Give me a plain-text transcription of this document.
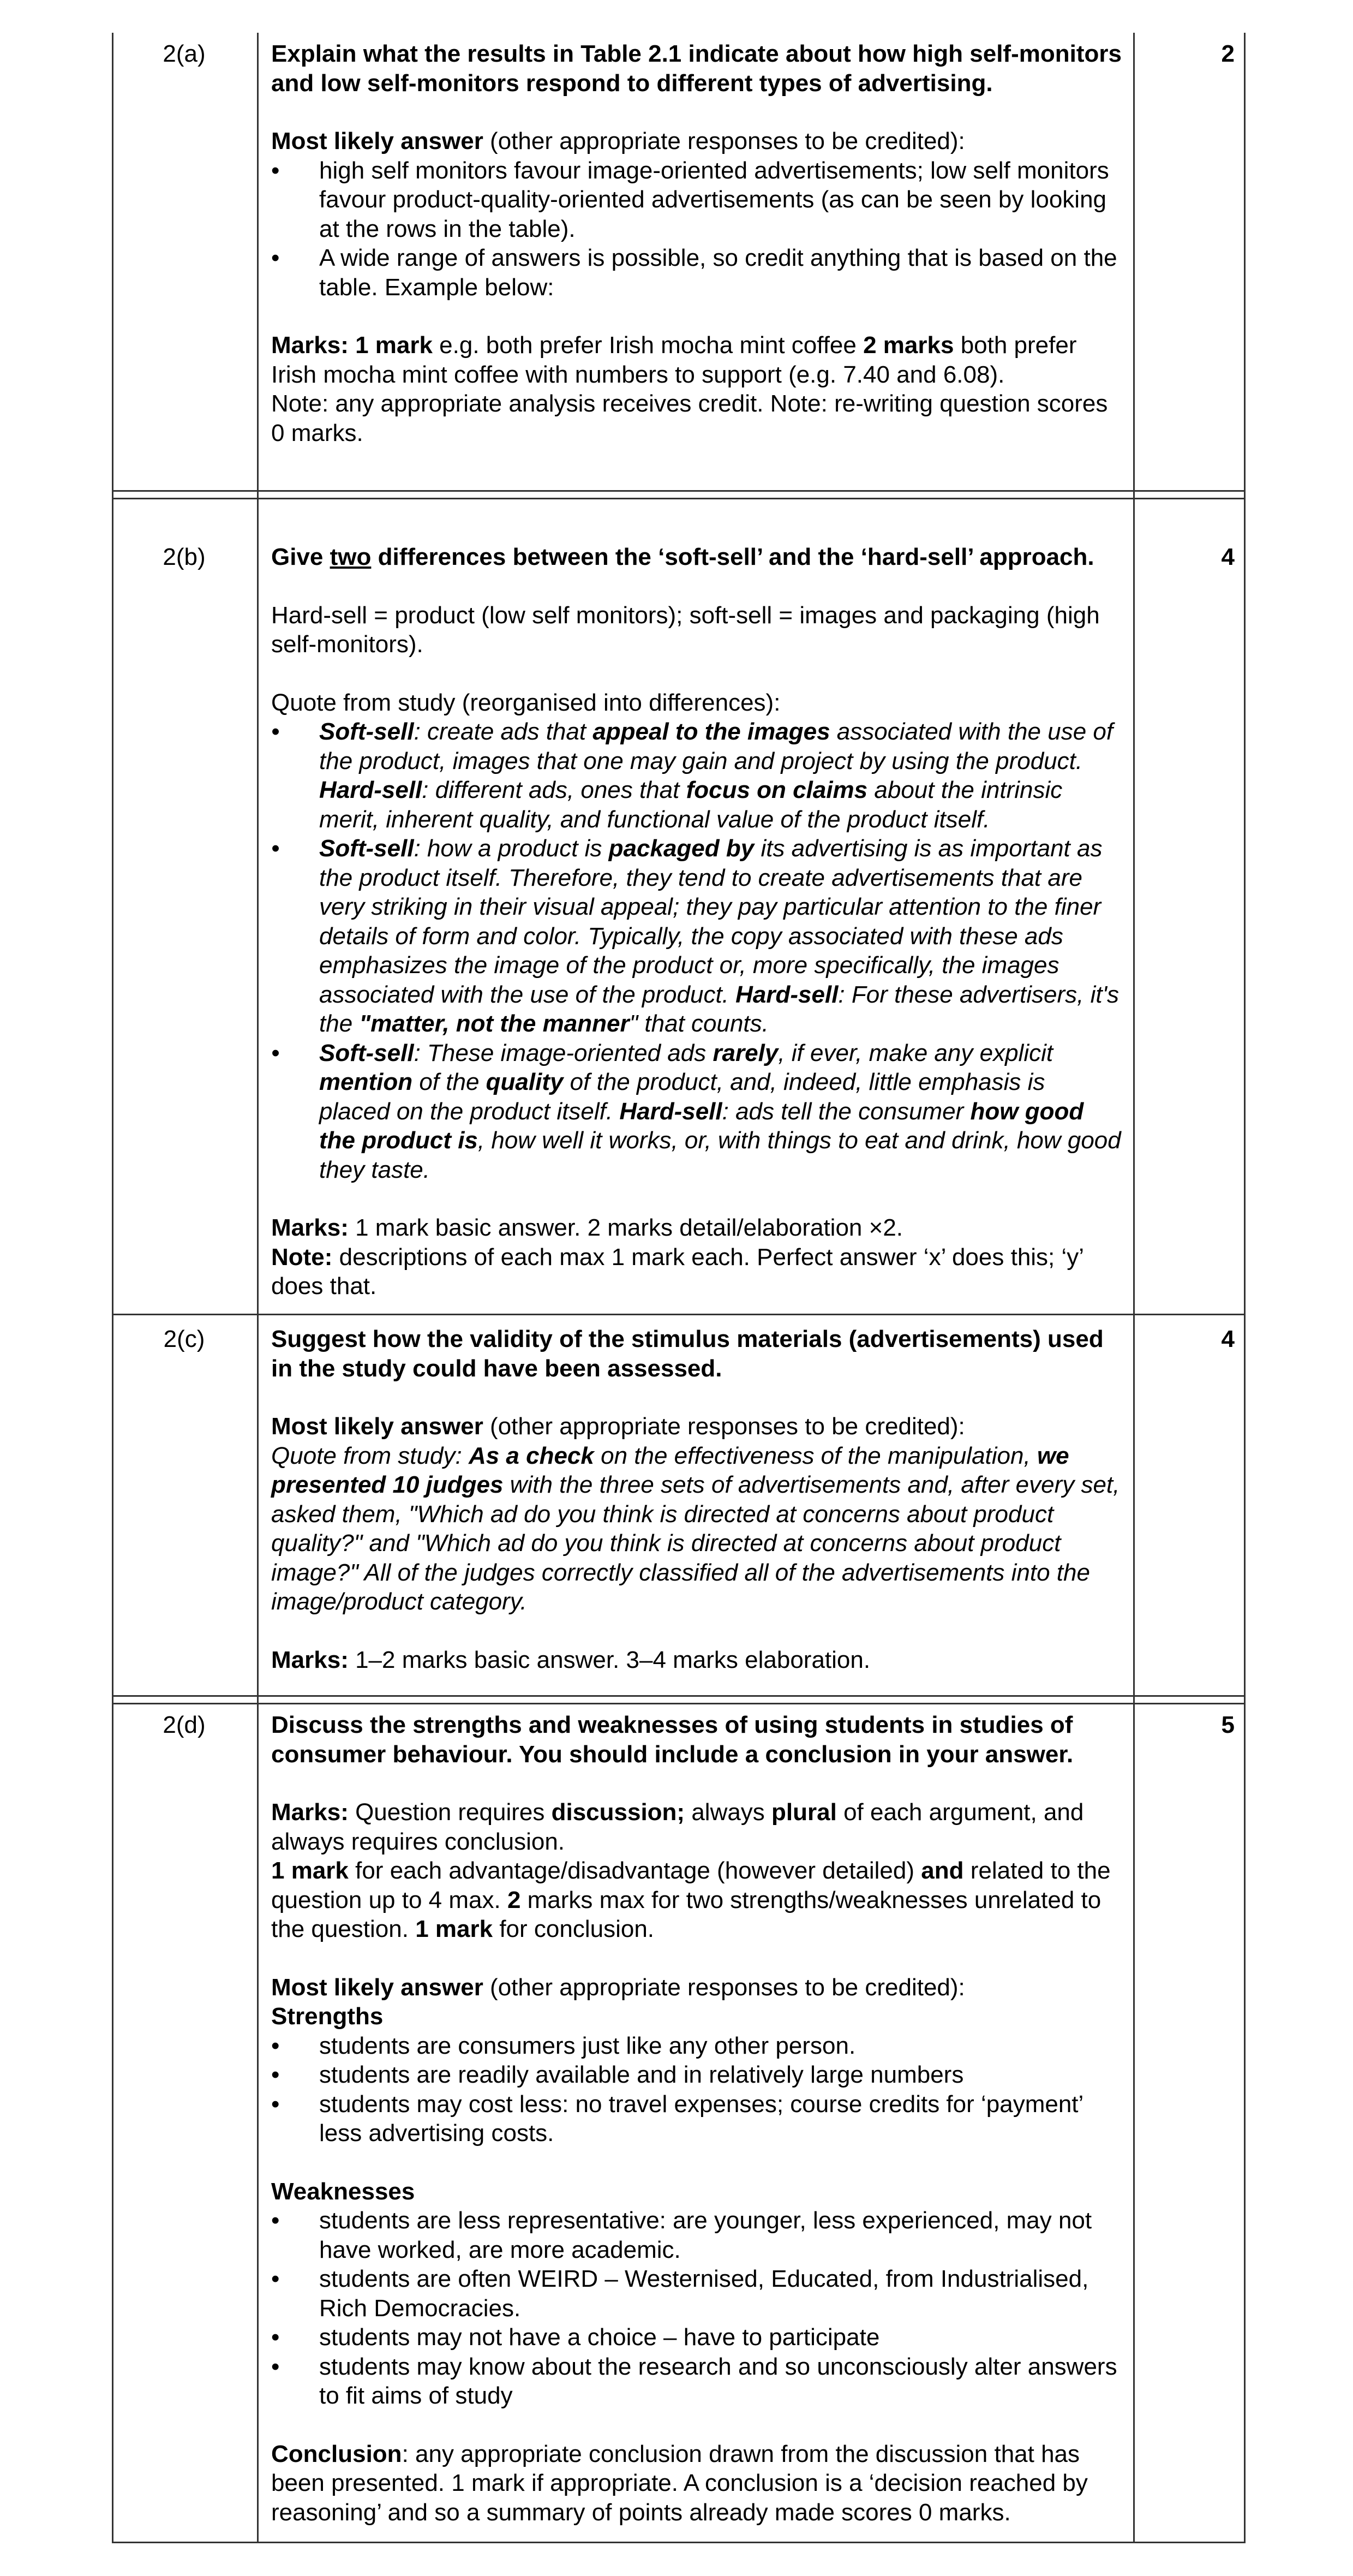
2(a)	2

Explain what the results in Table 2.1 indicate about how high self-monitors and low self-monitors respond to different types of advertising.

Most likely answer (other appropriate responses to be credited):

• high self monitors favour image-oriented advertisements; low self monitors favour product-quality-oriented advertisements (as can be seen by looking at the rows in the table).
• A wide range of answers is possible, so credit anything that is based on the table. Example below:

Marks: 1 mark e.g. both prefer Irish mocha mint coffee 2 marks both prefer Irish mocha mint coffee with numbers to support (e.g. 7.40 and 6.08).

Note: any appropriate analysis receives credit. Note: re-writing question scores 0 marks.

2(b)	4

Give two differences between the ‘soft-sell’ and the ‘hard-sell’ approach.

Hard-sell = product (low self monitors); soft-sell = images and packaging (high self-monitors).

Quote from study (reorganised into differences):

• Soft-sell: create ads that appeal to the images associated with the use of the product, images that one may gain and project by using the product. Hard-sell: different ads, ones that focus on claims about the intrinsic merit, inherent quality, and functional value of the product itself.
• Soft-sell: how a product is packaged by its advertising is as important as the product itself. Therefore, they tend to create advertisements that are very striking in their visual appeal; they pay particular attention to the finer details of form and color. Typically, the copy associated with these ads emphasizes the image of the product or, more specifically, the images associated with the use of the product. Hard-sell: For these advertisers, it's the "matter, not the manner" that counts.
• Soft-sell: These image-oriented ads rarely, if ever, make any explicit mention of the quality of the product, and, indeed, little emphasis is placed on the product itself. Hard-sell: ads tell the consumer how good the product is, how well it works, or, with things to eat and drink, how good they taste.

Marks: 1 mark basic answer. 2 marks detail/elaboration ×2.

Note: descriptions of each max 1 mark each. Perfect answer ‘x’ does this; ‘y’ does that.

2(c)	4

Suggest how the validity of the stimulus materials (advertisements) used in the study could have been assessed.

Most likely answer (other appropriate responses to be credited):

Quote from study: As a check on the effectiveness of the manipulation, we presented 10 judges with the three sets of advertisements and, after every set, asked them, "Which ad do you think is directed at concerns about product quality?" and "Which ad do you think is directed at concerns about product image?" All of the judges correctly classified all of the advertisements into the image/product category.

Marks: 1–2 marks basic answer. 3–4 marks elaboration.

2(d)	5

Discuss the strengths and weaknesses of using students in studies of consumer behaviour. You should include a conclusion in your answer.

Marks: Question requires discussion; always plural of each argument, and always requires conclusion.

1 mark for each advantage/disadvantage (however detailed) and related to the question up to 4 max. 2 marks max for two strengths/weaknesses unrelated to the question. 1 mark for conclusion.

Most likely answer (other appropriate responses to be credited):

Strengths

• students are consumers just like any other person.
• students are readily available and in relatively large numbers
• students may cost less: no travel expenses; course credits for ‘payment’ less advertising costs.

Weaknesses

• students are less representative: are younger, less experienced, may not have worked, are more academic.
• students are often WEIRD – Westernised, Educated, from Industrialised, Rich Democracies.
• students may not have a choice – have to participate
• students may know about the research and so unconsciously alter answers to fit aims of study

Conclusion: any appropriate conclusion drawn from the discussion that has been presented. 1 mark if appropriate. A conclusion is a ‘decision reached by reasoning’ and so a summary of points already made scores 0 marks.
